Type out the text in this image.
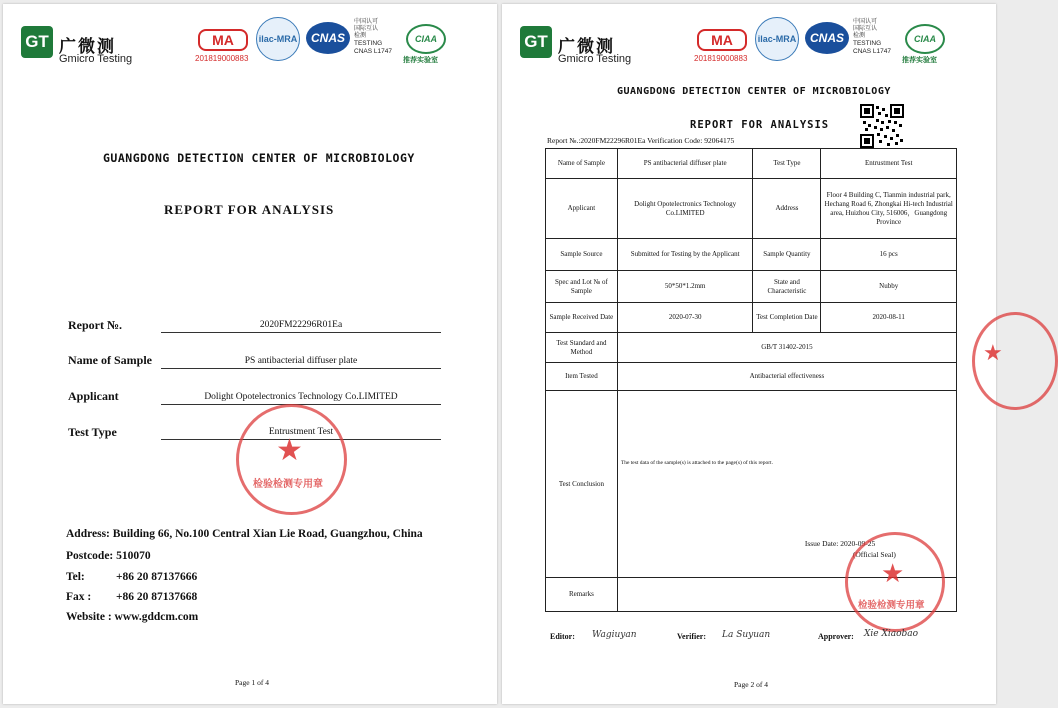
GT 广微测
Gmicro Testing
MA
201819000883
ilac-MRA	CNAS
中国认可
国际互认
检测
TESTING
CNAS L1747
CIAA
推荐实验室
GUANGDONG DETECTION CENTER OF MICROBIOLOGY
REPORT FOR ANALYSIS
Report №.	2020FM22296R01Ea
Name of Sample	PS antibacterial diffuser plate
Applicant	Dolight Opotelectronics Technology Co.LIMITED
Test Type	Entrustment Test
★
检验检测专用章
Address: Building 66, No.100 Central Xian Lie Road, Guangzhou, China
Postcode: 510070
Tel:	+86 20 87137666
Fax : +86 20 87137668
Website : www.gddcm.com
Page 1 of 4
GT 广微测
Gmicro Testing
MA
201819000883
ilac-MRA	CNAS
中国认可
国际互认
检测
TESTING
CNAS L1747
CIAA
推荐实验室
GUANGDONG DETECTION CENTER OF MICROBIOLOGY
REPORT FOR ANALYSIS
Report №.:2020FM22296R01Ea Verification Code: 92064175
Name of Sample	PS antibacterial diffuser plate	Test Type	Entrustment Test
Applicant	Dolight Opotelectronics Technology Co.LIMITED	Address	Floor 4 Building C, Tianmin industrial park, Hechang Road 6, Zhongkai Hi-tech Industrial area, Huizhou City, 516006，Guangdong Province
Sample Source	Submitted for Testing by the Applicant	Sample Quantity	16 pcs
Spec and Lot № of Sample	50*50*1.2mm	State and Characteristic	Nubby
Sample Received Date	2020-07-30	Test Completion Date	2020-08-11
Test Standard and Method	GB/T 31402-2015		
Item Tested	Antibacterial effectiveness		
Test Conclusion	The test data of the sample(s) is attached to the page(s) of this report.
Issue Date: 2020-09-25
(Official Seal)		

Remarks			
★
检验检测专用章
★
Editor: Wagiuyan	Verifier: La Suyuan	Approver: Xie Xiaobao
Page 2 of 4
